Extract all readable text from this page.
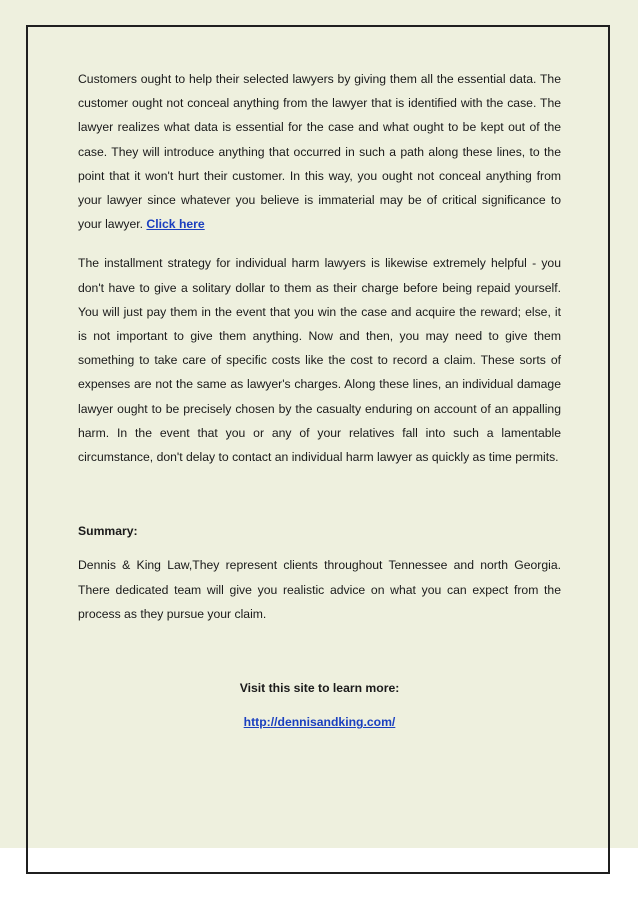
Customers ought to help their selected lawyers by giving them all the essential data. The customer ought not conceal anything from the lawyer that is identified with the case. The lawyer realizes what data is essential for the case and what ought to be kept out of the case. They will introduce anything that occurred in such a path along these lines, to the point that it won't hurt their customer. In this way, you ought not conceal anything from your lawyer since whatever you believe is immaterial may be of critical significance to your lawyer. Click here

The installment strategy for individual harm lawyers is likewise extremely helpful - you don't have to give a solitary dollar to them as their charge before being repaid yourself. You will just pay them in the event that you win the case and acquire the reward; else, it is not important to give them anything. Now and then, you may need to give them something to take care of specific costs like the cost to record a claim. These sorts of expenses are not the same as lawyer's charges. Along these lines, an individual damage lawyer ought to be precisely chosen by the casualty enduring on account of an appalling harm. In the event that you or any of your relatives fall into such a lamentable circumstance, don't delay to contact an individual harm lawyer as quickly as time permits.

Summary:

Dennis & King Law,They represent clients throughout Tennessee and north Georgia. There dedicated team will give you realistic advice on what you can expect from the process as they pursue your claim.

Visit this site to learn more:

http://dennisandking.com/
